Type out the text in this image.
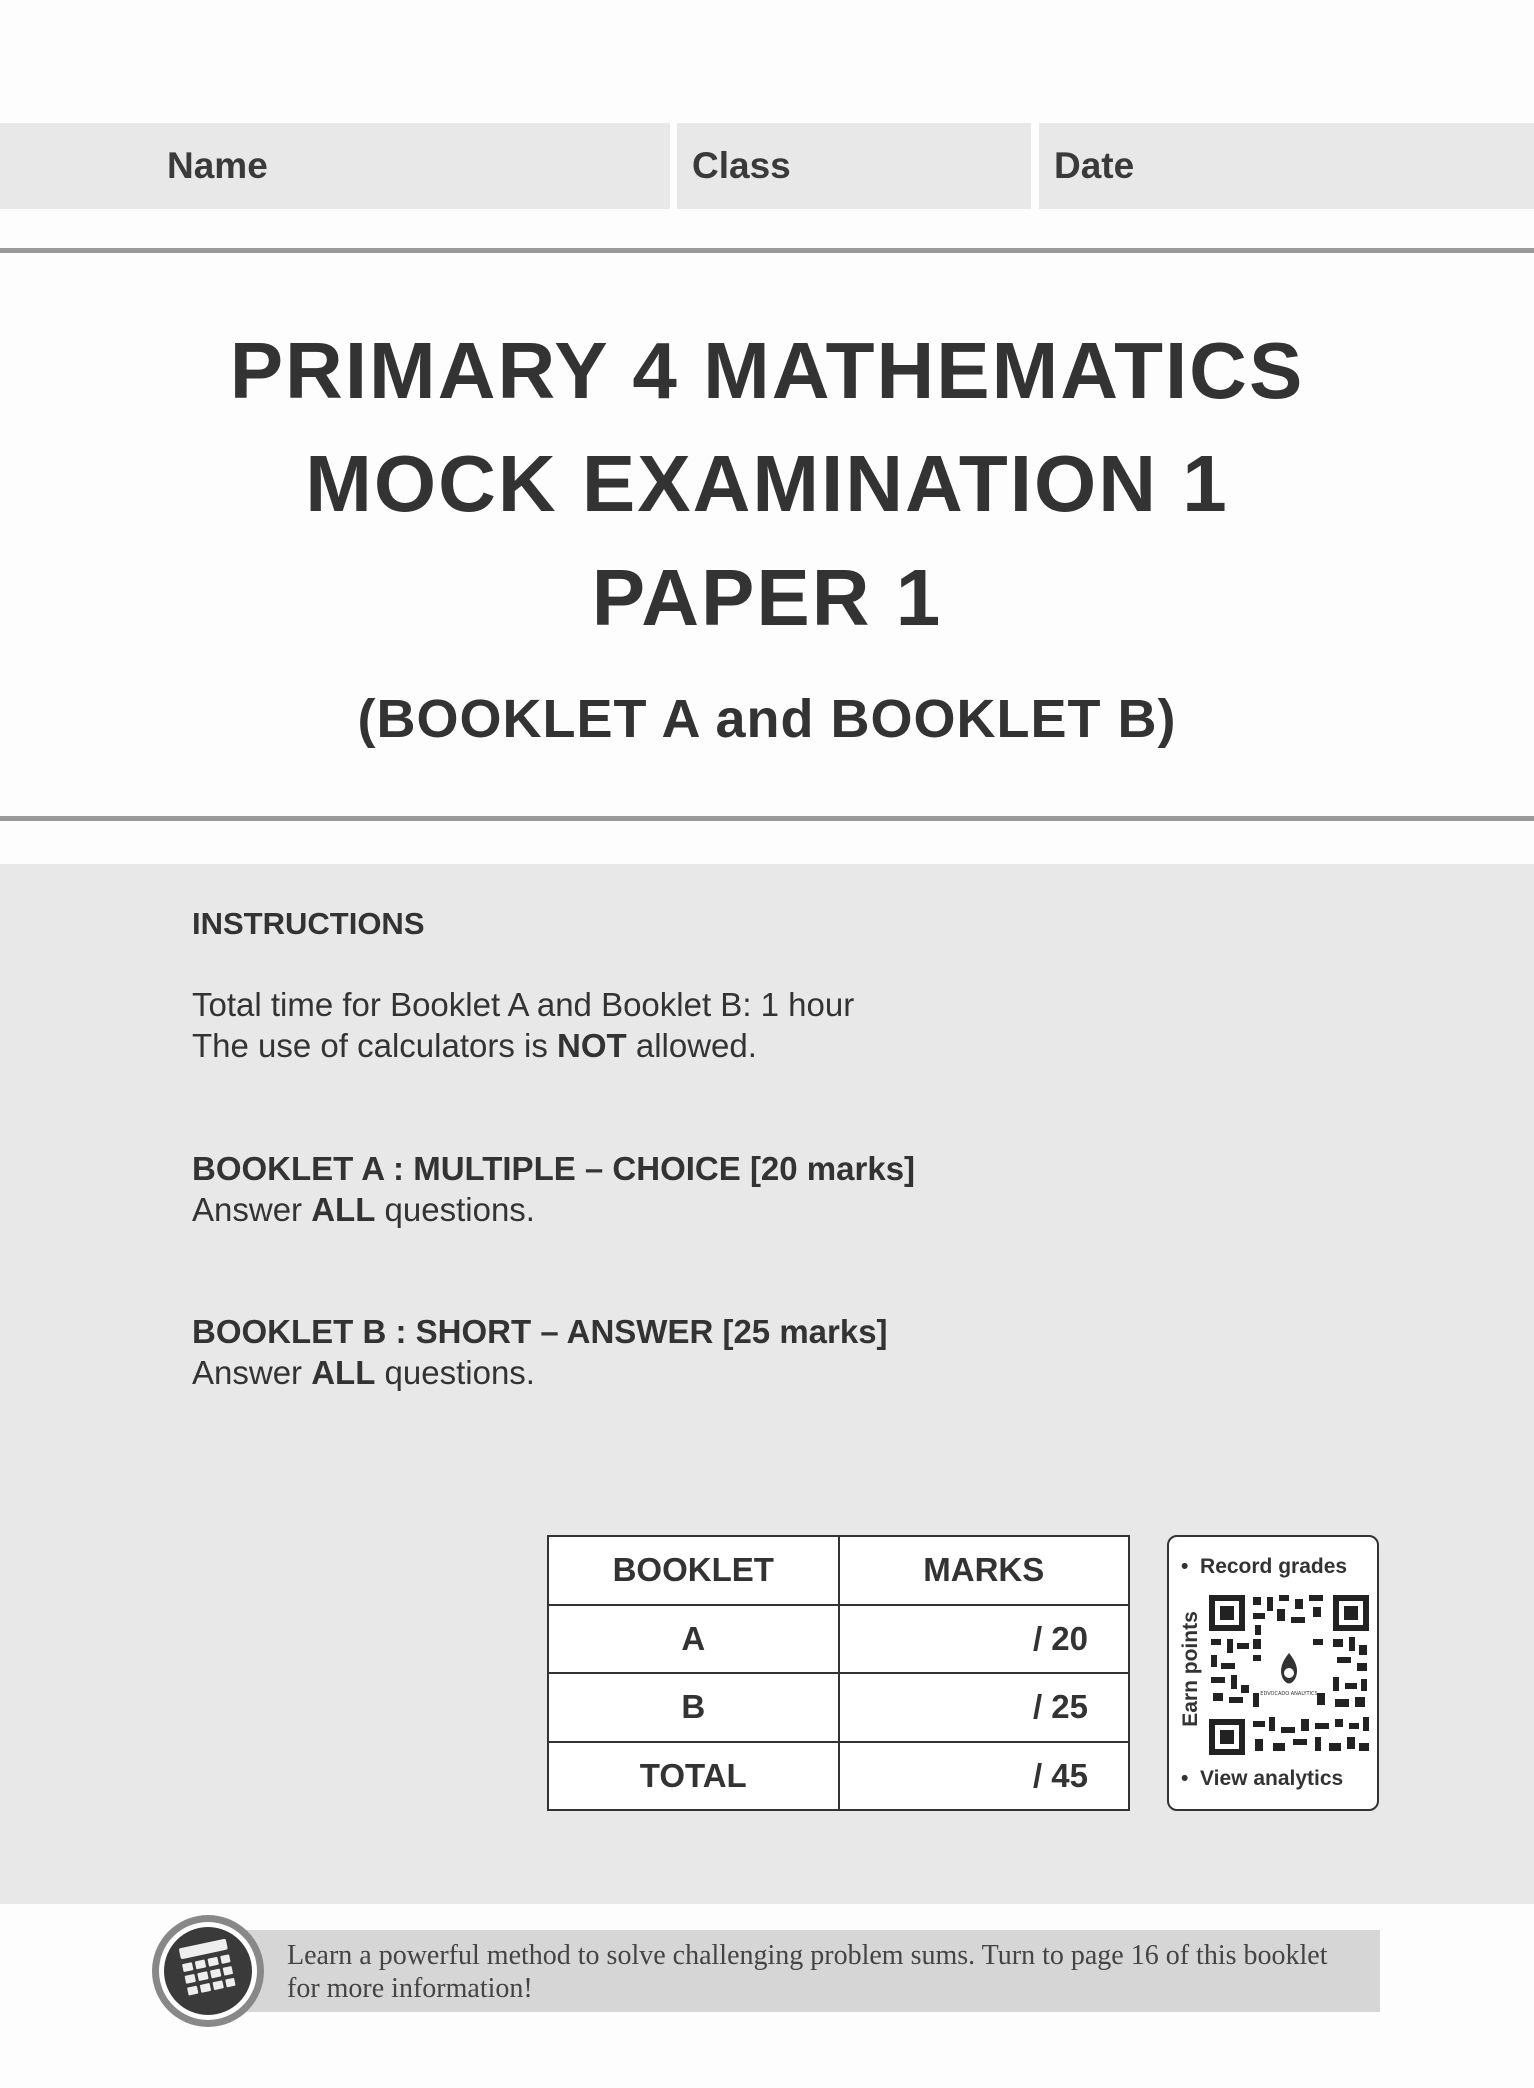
Name	Class	Date
PRIMARY 4 MATHEMATICS
MOCK EXAMINATION 1
PAPER 1
(BOOKLET A and BOOKLET B)
INSTRUCTIONS
Total time for Booklet A and Booklet B: 1 hour
The use of calculators is NOT allowed.
BOOKLET A : MULTIPLE – CHOICE [20 marks]
Answer ALL questions.
BOOKLET B : SHORT – ANSWER [25 marks]
Answer ALL questions.
BOOKLET	MARKS
A	/ 20
B	/ 25
TOTAL	/ 45
• Record grades
Earn points
• View analytics
EDVOCADO ANALYTICS
Learn a powerful method to solve challenging problem sums. Turn to page 16 of this booklet
for more information!
